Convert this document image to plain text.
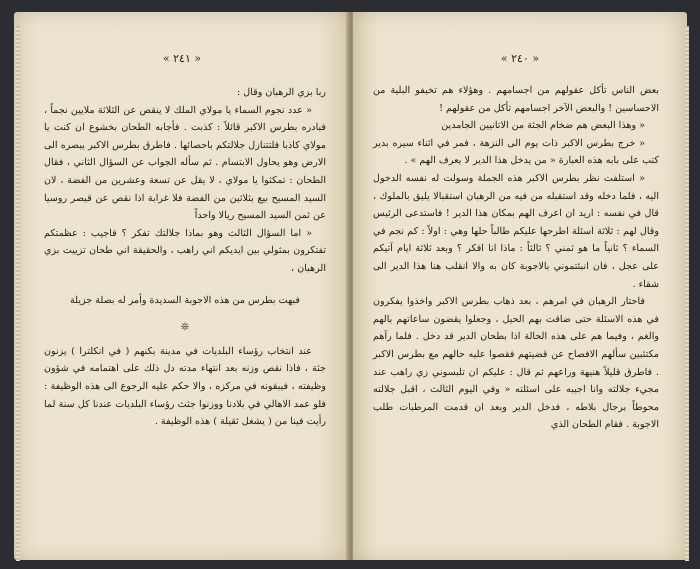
« ٢٤١ »

ربا بزي الرهبان وقال :

« عدد نجوم السماء يا مولاي الملك لا ينقص عن الثلاثة ملايين نجماً ، فبادره بطرس الاكبر قائلاً : كذبت . فأجابه الطحان بخشوع ان كنت يا مولاي كاذبا فلتتنازل جلالتكم باحصائها . فاطرق بطرس الاكبر يبصره الى الارض وهو يحاول الابتسام . ثم سأله الجواب عن السؤال الثاني ، فقال الطحان : تمكثوا يا مولاي ، لا يقل عن تسعة وعشرين من الفضة ، لان السيد المسيح بيع بثلاثين من الفضة فلا غرابة اذا نقص عن قيصر روسيا عن ثمن السيد المسيح ريالا واحداً

« اما السؤال الثالث وهو بماذا جلالتك تفكر ؟ فاجيب : عظمتكم تفتكرون بمثولي بين ايديكم اني راهب ، والحقيقة اني طحان تزييت بزي الرهبان ،

فبهت بطرس من هذه الاجوبة السديدة وأمر له بصلة جزيلة

❊

عند انتخاب رؤساء البلديات في مدينة بكنهم ( في انكلترا ) يزنون جثة ، فاذا نقص وزنه بعد انتهاء مدته دل ذلك على اهتمامه في شؤون وظيفته ، فيبقونه في مركزه ، والا حكم عليه الرجوع الى هذه الوظيفة : فلو عمد الاهالي في بلادنا ووزنوا جثث رؤساء البلديات عندنا كل سنة لما رأيت فينا من ( يشغل ثقيلة ) هذه الوظيفة .

« ٢٤٠ »

بعض الناس تأكل عقولهم من اجسامهم . وهؤلاء هم تخيفو البلية من الاحساسين ! والبعض الآخر اجسامهم تأكل من عقولهم !

« وهذا البعض هم ضخام الجثة من الاتانيين الجامدين

« خرج بطرس الاكبر ذات يوم الى النزهة ، فمر في اثناء سيره بدير كتب على بابه هذه العبارة « من يدخل هذا الدير لا يعرف الهم » .

« استلفت نظر بطرس الاكبر هذه الجملة وسولت له نفسه الدخول اليه ، فلما دخله وقد استقبله من فيه من الرهبان استقبالا يليق بالملوك ، قال في نفسه : اريد ان اعرف الهم بمكان هذا الدير ! فاستدعى الرئيس وقال لهم : ثلاثة اسئلة اطرحها عليكم طالباً حلها وهي : اولاً : كم نجم في السماء ؟ ثانياً ما هو ثمني ؟ ثالثاً : ماذا انا افكر ؟ وبعد ثلاثة ايام آتيكم على عجل ، فان انبئتموني بالاجوبة كان به والا انقلب هنا هذا الدير الى شقاء .

فاحتار الرهبان في امرهم ، بعد ذهاب بطرس الاكبر واخذوا يفكرون في هذه الاسئلة حتى ضاقت بهم الحيل ، وجعلوا يقضون ساعاتهم بالهم والغم ، وفيما هم على هذه الحالة اذا بطحان الدير قد دخل . فلما رآهم مكتئبين سألهم الافصاح عن قضيتهم فقصوا عليه حالهم مع بطرس الاكبر . فاطرق قليلاً هنيهة وراعهم ثم قال : عليكم ان تلبسوني زي راهب عند مجيء جلالته وانا اجيبه على اسئلته « وفي اليوم الثالث ، اقبل جلالته محوطاً برجال بلاطه ، فدخل الدير وبعد ان قدمت المرطبات طلب الاجوبة . فقام الطحان الذي
